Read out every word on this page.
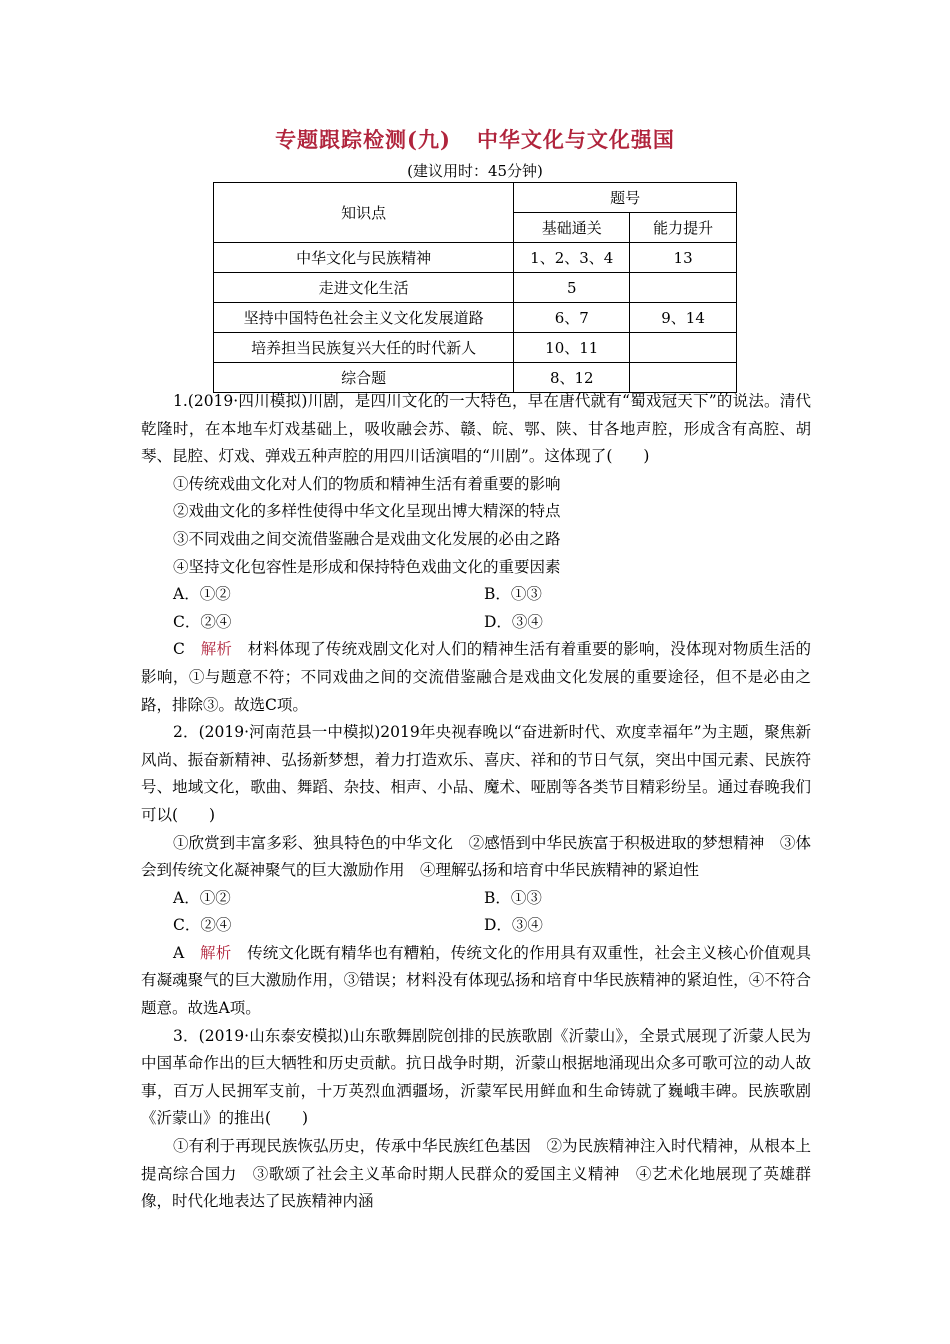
专题跟踪检测(九) 中华文化与文化强国
(建议用时：45分钟)
知识点	题号	
	基础通关	能力提升
中华文化与民族精神	1、2、3、4	13
走进文化生活	5	
坚持中国特色社会主义文化发展道路	6、7	9、14
培养担当民族复兴大任的时代新人	10、11	
综合题	8、12	

1.(2019·四川模拟)川剧，是四川文化的一大特色，早在唐代就有“蜀戏冠天下”的说法。清代乾隆时，在本地车灯戏基础上，吸收融会苏、赣、皖、鄂、陕、甘各地声腔，形成含有高腔、胡琴、昆腔、灯戏、弹戏五种声腔的用四川话演唱的“川剧”。这体现了(　　)

①传统戏曲文化对人们的物质和精神生活有着重要的影响

②戏曲文化的多样性使得中华文化呈现出博大精深的特点

③不同戏曲之间交流借鉴融合是戏曲文化发展的必由之路

④坚持文化包容性是形成和保持特色戏曲文化的重要因素

A．①②	B．①③
C．②④	D．③④

C　 解析　 材料体现了传统戏剧文化对人们的精神生活有着重要的影响，没体现对物质生活的影响，①与题意不符；不同戏曲之间的交流借鉴融合是戏曲文化发展的重要途径，但不是必由之路，排除③。故选C项。

2．(2019·河南范县一中模拟)2019年央视春晚以“奋进新时代、欢度幸福年”为主题，聚焦新风尚、振奋新精神、弘扬新梦想，着力打造欢乐、喜庆、祥和的节日气氛，突出中国元素、民族符号、地域文化，歌曲、舞蹈、杂技、相声、小品、魔术、哑剧等各类节目精彩纷呈。通过春晚我们可以(　　)

①欣赏到丰富多彩、独具特色的中华文化　②感悟到中华民族富于积极进取的梦想精神　③体会到传统文化凝神聚气的巨大激励作用　④理解弘扬和培育中华民族精神的紧迫性

A．①②	B．①③
C．②④	D．③④

A　 解析　 传统文化既有精华也有糟粕，传统文化的作用具有双重性，社会主义核心价值观具有凝魂聚气的巨大激励作用，③错误；材料没有体现弘扬和培育中华民族精神的紧迫性，④不符合题意。故选A项。

3．(2019·山东泰安模拟)山东歌舞剧院创排的民族歌剧《沂蒙山》，全景式展现了沂蒙人民为中国革命作出的巨大牺牲和历史贡献。抗日战争时期，沂蒙山根据地涌现出众多可歌可泣的动人故事，百万人民拥军支前，十万英烈血洒疆场，沂蒙军民用鲜血和生命铸就了巍峨丰碑。民族歌剧《沂蒙山》的推出(　　)

①有利于再现民族恢弘历史，传承中华民族红色基因　②为民族精神注入时代精神，从根本上提高综合国力　③歌颂了社会主义革命时期人民群众的爱国主义精神　④艺术化地展现了英雄群像，时代化地表达了民族精神内涵
